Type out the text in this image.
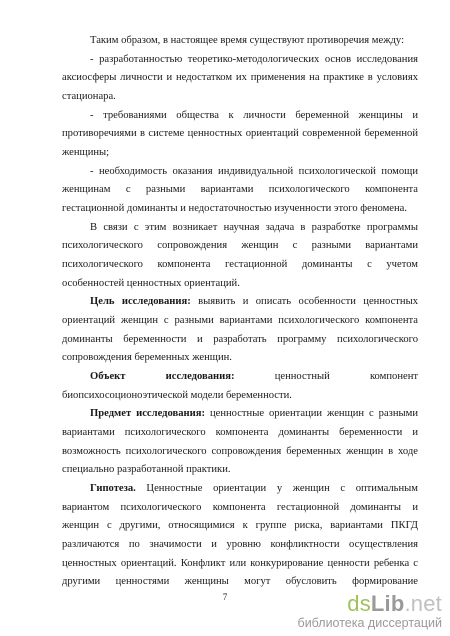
Таким образом, в настоящее время существуют противоречия между:
- разработанностью теоретико-методологических основ исследования
аксиосферы личности и недостатком их применения на практике в условиях
стационара.
- требованиями общества к личности беременной женщины и
противоречиями в системе ценностных ориентаций современной беременной
женщины;
- необходимость оказания индивидуальной психологической помощи
женщинам с разными вариантами психологического компонента
гестационной доминанты и недостаточностью изученности этого феномена.
В связи с этим возникает научная задача в разработке программы
психологического сопровождения женщин с разными вариантами
психологического компонента гестационной доминанты с учетом
особенностей ценностных ориентаций.
Цель исследования: выявить и описать особенности ценностных
ориентаций женщин с разными вариантами психологического компонента
доминанты беременности и разработать программу психологического
сопровождения беременных женщин.
Объект исследования: ценностный компонент
биопсихосоционоэтической модели беременности.
Предмет исследования: ценностные ориентации женщин с разными
вариантами психологического компонента доминанты беременности и
возможность психологического сопровождения беременных женщин в ходе
специально разработанной практики.
Гипотеза. Ценностные ориентации у женщин с оптимальным
вариантом психологического компонента гестационной доминанты и
женщин с другими, относящимися к группе риска, вариантами ПКГД
различаются по значимости и уровню конфликтности осуществления
ценностных ориентаций. Конфликт или конкурирование ценности ребенка с
другими ценностями женщины могут обусловить формирование
7	dsLib.net
библиотека диссертаций
